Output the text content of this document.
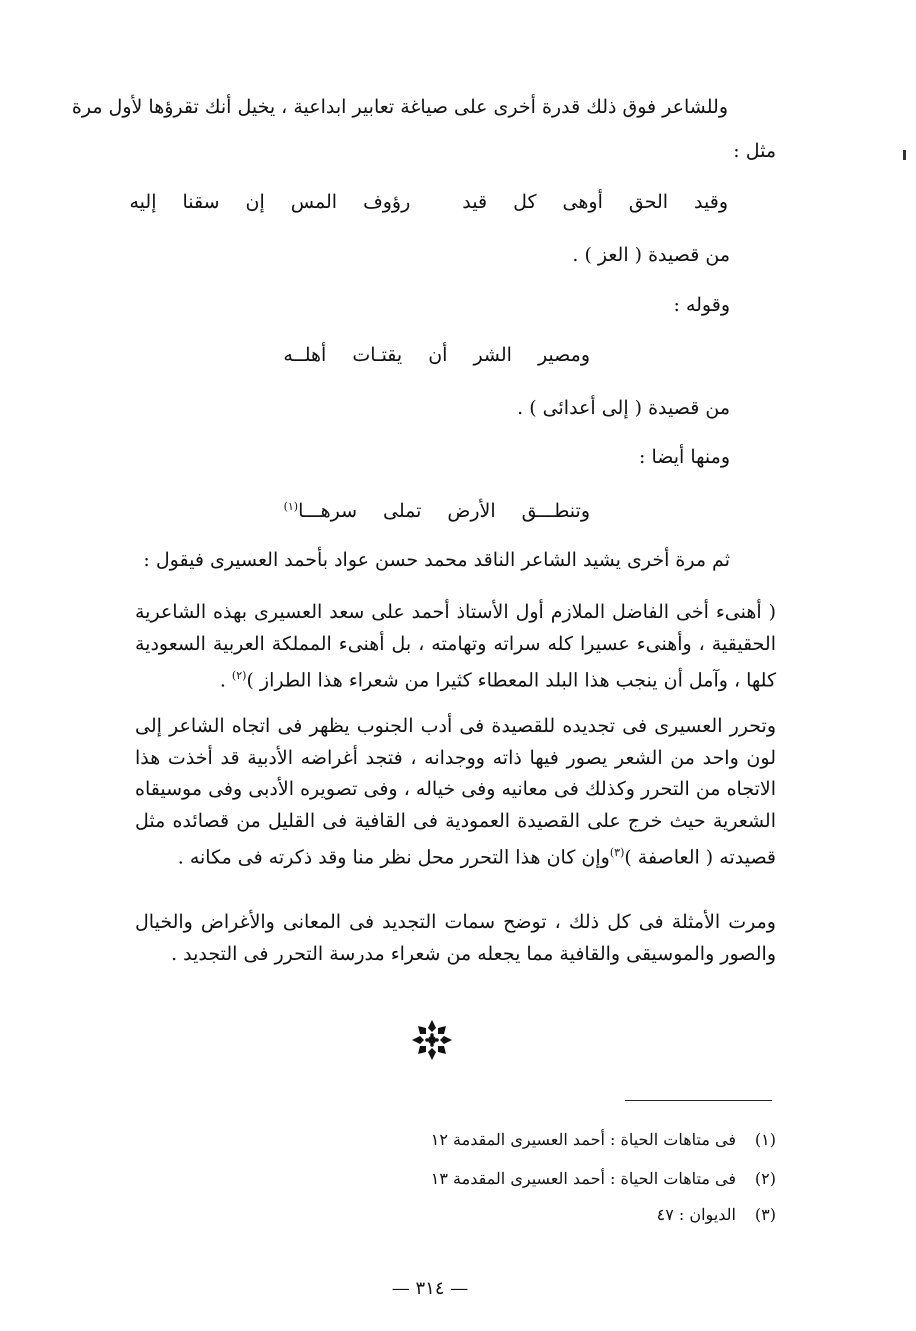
وللشاعر فوق ذلك قدرة أخرى على صياغة تعابير ابداعية ، يخيل أنك تقرؤها لأول مرة
مثل :
وقيدالحقأوهىكلقيدرؤوفالمسإنسقناإليه
من قصيدة ( العز ) .
وقوله :
ومصيرالشرأنيقتـاتأهلــه
من قصيدة ( إلى أعدائى ) .
ومنها أيضا :
وتنطـــقالأرضتملىسرهـــا$^{(١)}$
ثم مرة أخرى يشيد الشاعر الناقد محمد حسن عواد بأحمد العسيرى فيقول :
( أهنىء أخى الفاضل الملازم أول الأستاذ أحمد على سعد العسيرى بهذه الشاعرية الحقيقية ، وأهنىء عسيرا كله سراته وتهامته ، بل أهنىء المملكة العربية السعودية كلها ، وآمل أن ينجب هذا البلد المعطاء كثيرا من شعراء هذا الطراز )$^{(٢)}$ .
وتحرر العسيرى فى تجديده للقصيدة فى أدب الجنوب يظهر فى اتجاه الشاعر إلى لون واحد من الشعر يصور فيها ذاته ووجدانه ، فتجد أغراضه الأدبية قد أخذت هذا الاتجاه من التحرر وكذلك فى معانيه وفى خياله ، وفى تصويره الأدبى وفى موسيقاه الشعرية حيث خرج على القصيدة العمودية فى القافية فى القليل من قصائده مثل قصيدته ( العاصفة )$^{(٣)}$وإن كان هذا التحرر محل نظر منا وقد ذكرته فى مكانه .
ومرت الأمثلة فى كل ذلك ، توضح سمات التجديد فى المعانى والأغراض والخيال والصور والموسيقى والقافية مما يجعله من شعراء مدرسة التحرر فى التجديد .
(١)فى متاهات الحياة : أحمد العسيرى المقدمة ١٢
(٢)فى متاهات الحياة : أحمد العسيرى المقدمة ١٣
(٣)الديوان : ٤٧
— ٣١٤ —
